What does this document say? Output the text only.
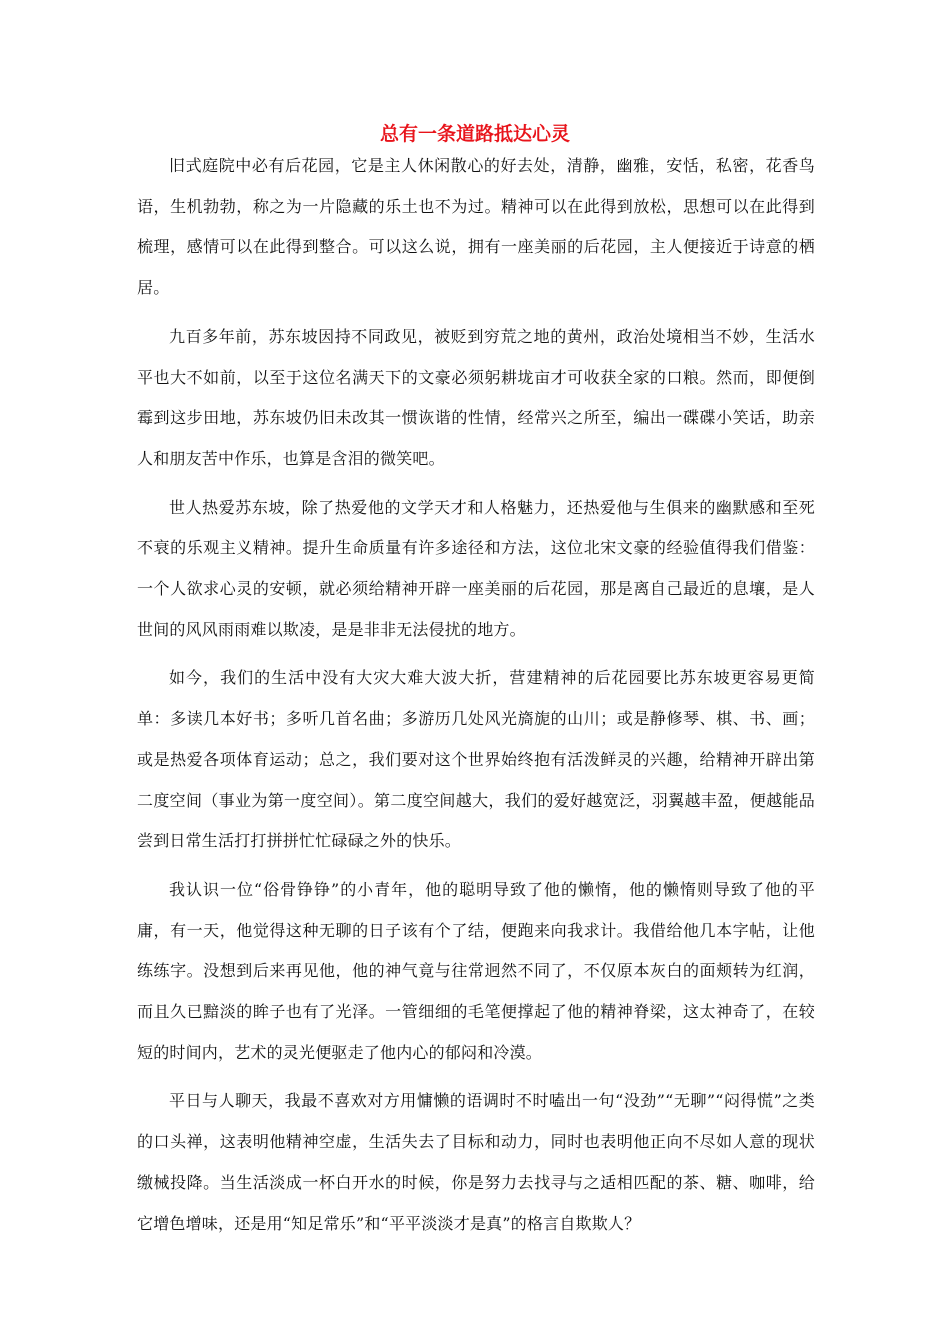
总有一条道路抵达心灵

旧式庭院中必有后花园，它是主人休闲散心的好去处，清静，幽雅，安恬，私密，花香鸟语，生机勃勃，称之为一片隐藏的乐土也不为过。精神可以在此得到放松，思想可以在此得到梳理，感情可以在此得到整合。可以这么说，拥有一座美丽的后花园，主人便接近于诗意的栖居。

九百多年前，苏东坡因持不同政见，被贬到穷荒之地的黄州，政治处境相当不妙，生活水平也大不如前，以至于这位名满天下的文豪必须躬耕垅亩才可收获全家的口粮。然而，即便倒霉到这步田地，苏东坡仍旧未改其一惯诙谐的性情，经常兴之所至，编出一碟碟小笑话，助亲人和朋友苦中作乐，也算是含泪的微笑吧。

世人热爱苏东坡，除了热爱他的文学天才和人格魅力，还热爱他与生俱来的幽默感和至死不衰的乐观主义精神。提升生命质量有许多途径和方法，这位北宋文豪的经验值得我们借鉴：一个人欲求心灵的安顿，就必须给精神开辟一座美丽的后花园，那是离自己最近的息壤，是人世间的风风雨雨难以欺凌，是是非非无法侵扰的地方。

如今，我们的生活中没有大灾大难大波大折，营建精神的后花园要比苏东坡更容易更简单：多读几本好书；多听几首名曲；多游历几处风光旖旎的山川；或是静修琴、棋、书、画；或是热爱各项体育运动；总之，我们要对这个世界始终抱有活泼鲜灵的兴趣，给精神开辟出第二度空间（事业为第一度空间）。第二度空间越大，我们的爱好越宽泛，羽翼越丰盈，便越能品尝到日常生活打打拼拼忙忙碌碌之外的快乐。

我认识一位“俗骨铮铮”的小青年，他的聪明导致了他的懒惰，他的懒惰则导致了他的平庸，有一天，他觉得这种无聊的日子该有个了结，便跑来向我求计。我借给他几本字帖，让他练练字。没想到后来再见他，他的神气竟与往常迥然不同了，不仅原本灰白的面颊转为红润，而且久已黯淡的眸子也有了光泽。一管细细的毛笔便撑起了他的精神脊梁，这太神奇了，在较短的时间内，艺术的灵光便驱走了他内心的郁闷和冷漠。

平日与人聊天，我最不喜欢对方用慵懒的语调时不时嗑出一句“没劲”“无聊”“闷得慌”之类的口头禅，这表明他精神空虚，生活失去了目标和动力，同时也表明他正向不尽如人意的现状缴械投降。当生活淡成一杯白开水的时候，你是努力去找寻与之适相匹配的茶、糖、咖啡，给它增色增味，还是用“知足常乐”和“平平淡淡才是真”的格言自欺欺人？
